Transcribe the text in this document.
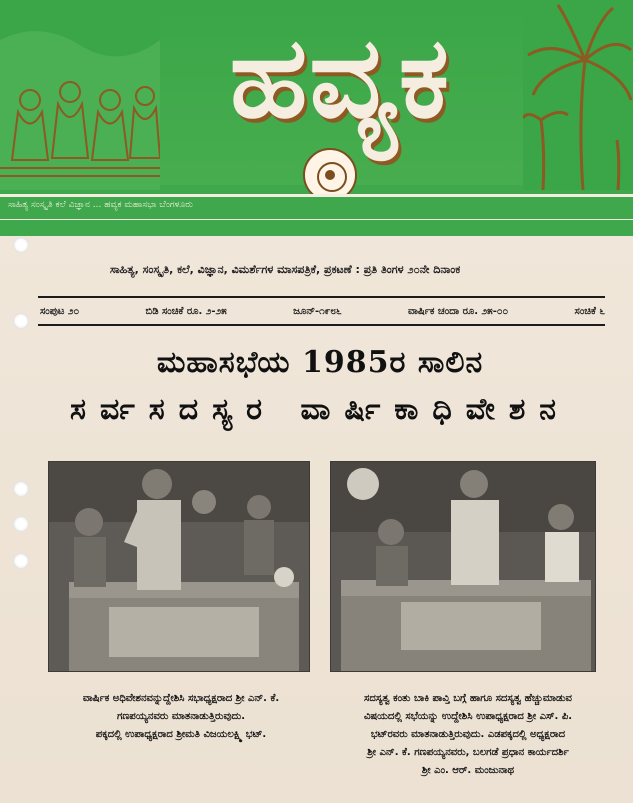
ಹವ್ಯಕ
ಸಾಹಿತ್ಯ ಸಂಸ್ಕೃತಿ ಕಲೆ ವಿಜ್ಞಾನ ... ಹವ್ಯಕ ಮಹಾಸಭಾ ಬೆಂಗಳೂರು
ಸಾಹಿತ್ಯ, ಸಂಸ್ಕೃತಿ, ಕಲೆ, ವಿಜ್ಞಾನ, ವಿಮರ್ಶೆಗಳ ಮಾಸಪತ್ರಿಕೆ, ಪ್ರಕಟಣೆ : ಪ್ರತಿ ತಿಂಗಳ ೨೦ನೇ ದಿನಾಂಕ
ಸಂಪುಟ ೨೦	ಬಿಡಿ ಸಂಚಿಕೆ ರೂ. ೨-೨೫	ಜೂನ್-೧೯೮೬	ವಾರ್ಷಿಕ ಚಂದಾ ರೂ. ೨೫-೦೦	ಸಂಚಿಕೆ ೬
ಮಹಾಸಭೆಯ 1985ರ ಸಾಲಿನ
ಸರ್ವಸದಸ್ಯರ ವಾರ್ಷಿಕಾಧಿವೇಶನ
ವಾರ್ಷಿಕ ಅಧಿವೇಶನವನ್ನುದ್ದೇಶಿಸಿ ಸಭಾಧ್ಯಕ್ಷರಾದ ಶ್ರೀ ಎನ್. ಕೆ.
ಗಣಪಯ್ಯನವರು ಮಾತನಾಡುತ್ತಿರುವುದು.
ಪಕ್ಕದಲ್ಲಿ ಉಪಾಧ್ಯಕ್ಷರಾದ ಶ್ರೀಮತಿ ವಿಜಯಲಕ್ಷ್ಮಿ ಭಟ್.
ಸದಸ್ಯತ್ವ ಕಂತು ಬಾಕಿ ಪಾವ್ತಿ ಬಗ್ಗೆ ಹಾಗೂ ಸದಸ್ಯತ್ವ ಹೆಚ್ಚುಮಾಡುವ
ವಿಷಯದಲ್ಲಿ ಸಭೆಯನ್ನು ಉದ್ದೇಶಿಸಿ ಉಪಾಧ್ಯಕ್ಷರಾದ ಶ್ರೀ ಎಸ್. ಪಿ.
ಭಟ್‌ರವರು ಮಾತನಾಡುತ್ತಿರುವುದು. ಎಡಪಕ್ಕದಲ್ಲಿ ಅಧ್ಯಕ್ಷರಾದ
ಶ್ರೀ ಎನ್. ಕೆ. ಗಣಪಯ್ಯನವರು, ಬಲಗಡೆ ಪ್ರಧಾನ ಕಾರ್ಯದರ್ಶಿ
ಶ್ರೀ ಎಂ. ಆರ್. ಮಂಜುನಾಥ
